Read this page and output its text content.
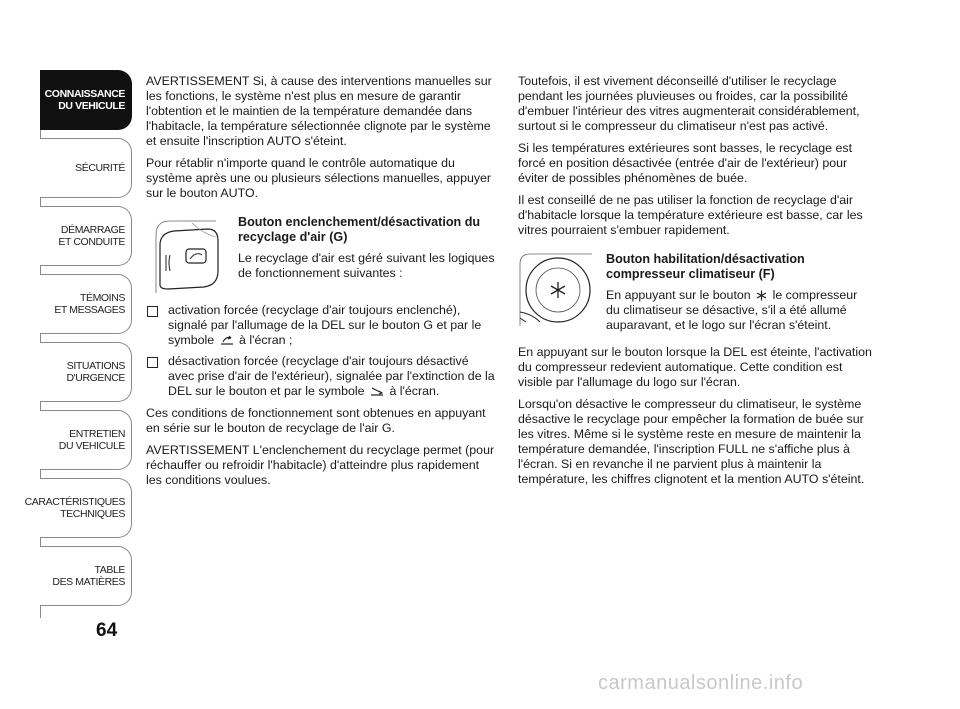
CONNAISSANCE
DU VEHICULE
SÉCURITÉ
DÉMARRAGE
ET CONDUITE
TÉMOINS
ET MESSAGES
SITUATIONS
D'URGENCE
ENTRETIEN
DU VEHICULE
CARACTÉRISTIQUES
TECHNIQUES
TABLE
DES MATIÈRES
64

AVERTISSEMENT Si, à cause des interventions manuelles sur les fonctions, le système n'est plus en mesure de garantir l'obtention et le maintien de la température demandée dans l'habitacle, la température sélectionnée clignote par le système et ensuite l'inscription AUTO s'éteint.

Pour rétablir n'importe quand le contrôle automatique du système après une ou plusieurs sélections manuelles, appuyer sur le bouton AUTO.

Bouton enclenchement/désactivation du recyclage d'air (G)

Le recyclage d'air est géré suivant les logiques de fonctionnement suivantes :

activation forcée (recyclage d'air toujours enclenché), signalé par l'allumage de la DEL sur le bouton G et par le symbole à l'écran ;
désactivation forcée (recyclage d'air toujours désactivé avec prise d'air de l'extérieur), signalée par l'extinction de la DEL sur le bouton et par le symbole à l'écran.

Ces conditions de fonctionnement sont obtenues en appuyant en série sur le bouton de recyclage de l'air G.

AVERTISSEMENT L'enclenchement du recyclage permet (pour réchauffer ou refroidir l'habitacle) d'atteindre plus rapidement les conditions voulues.

Toutefois, il est vivement déconseillé d'utiliser le recyclage pendant les journées pluvieuses ou froides, car la possibilité d'embuer l'intérieur des vitres augmenterait considérablement, surtout si le compresseur du climatiseur n'est pas activé.

Si les températures extérieures sont basses, le recyclage est forcé en position désactivée (entrée d'air de l'extérieur) pour éviter de possibles phénomènes de buée.

Il est conseillé de ne pas utiliser la fonction de recyclage d'air d'habitacle lorsque la température extérieure est basse, car les vitres pourraient s'embuer rapidement.

Bouton habilitation/désactivation compresseur climatiseur (F)

En appuyant sur le bouton le compresseur du climatiseur se désactive, s'il a été allumé auparavant, et le logo sur l'écran s'éteint.

En appuyant sur le bouton lorsque la DEL est éteinte, l'activation du compresseur redevient automatique. Cette condition est visible par l'allumage du logo sur l'écran.

Lorsqu'on désactive le compresseur du climatiseur, le système désactive le recyclage pour empêcher la formation de buée sur les vitres. Même si le système reste en mesure de maintenir la température demandée, l'inscription FULL ne s'affiche plus à l'écran. Si en revanche il ne parvient plus à maintenir la température, les chiffres clignotent et la mention AUTO s'éteint.

carmanualsonline.info
